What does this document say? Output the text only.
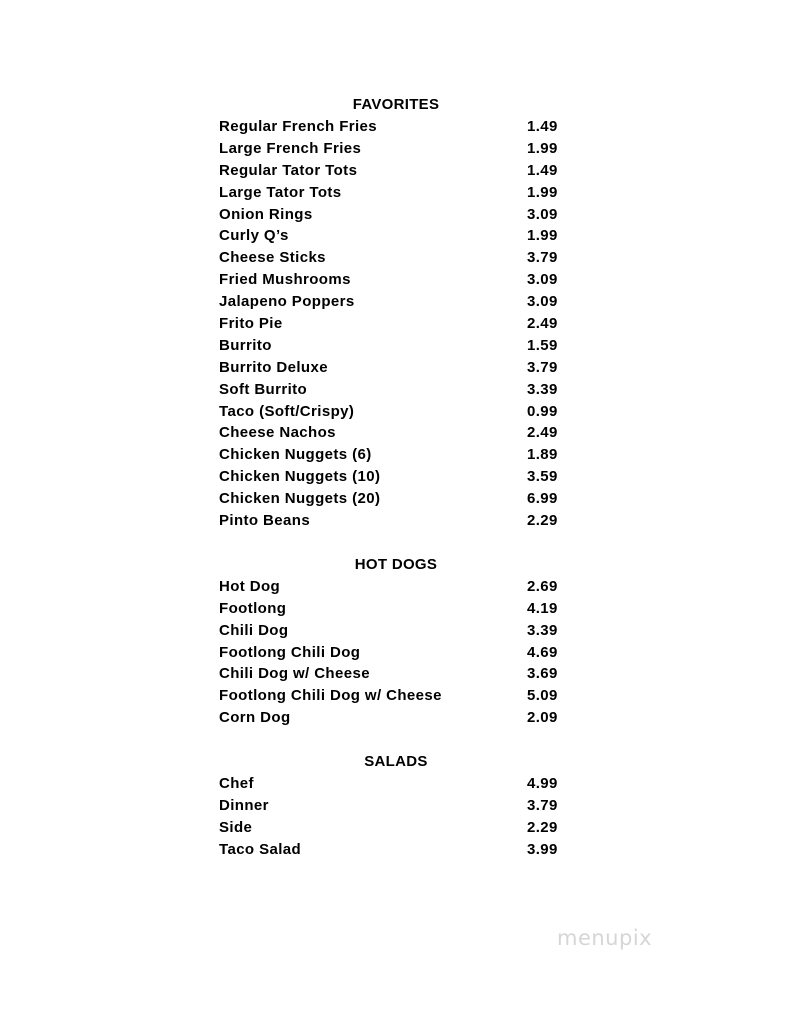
FAVORITES
Regular French Fries	1.49
Large French Fries	1.99
Regular Tator Tots	1.49
Large Tator Tots	1.99
Onion Rings	3.09
Curly Q’s	1.99
Cheese Sticks	3.79
Fried Mushrooms	3.09
Jalapeno Poppers	3.09
Frito Pie	2.49
Burrito	1.59
Burrito Deluxe	3.79
Soft Burrito	3.39
Taco (Soft/Crispy)	0.99
Cheese Nachos	2.49
Chicken Nuggets (6)	1.89
Chicken Nuggets (10)	3.59
Chicken Nuggets (20)	6.99
Pinto Beans	2.29
HOT DOGS
Hot Dog	2.69
Footlong	4.19
Chili Dog	3.39
Footlong Chili Dog	4.69
Chili Dog w/ Cheese	3.69
Footlong Chili Dog w/ Cheese	5.09
Corn Dog	2.09
SALADS
Chef	4.99
Dinner	3.79
Side	2.29
Taco Salad	3.99
menupix
